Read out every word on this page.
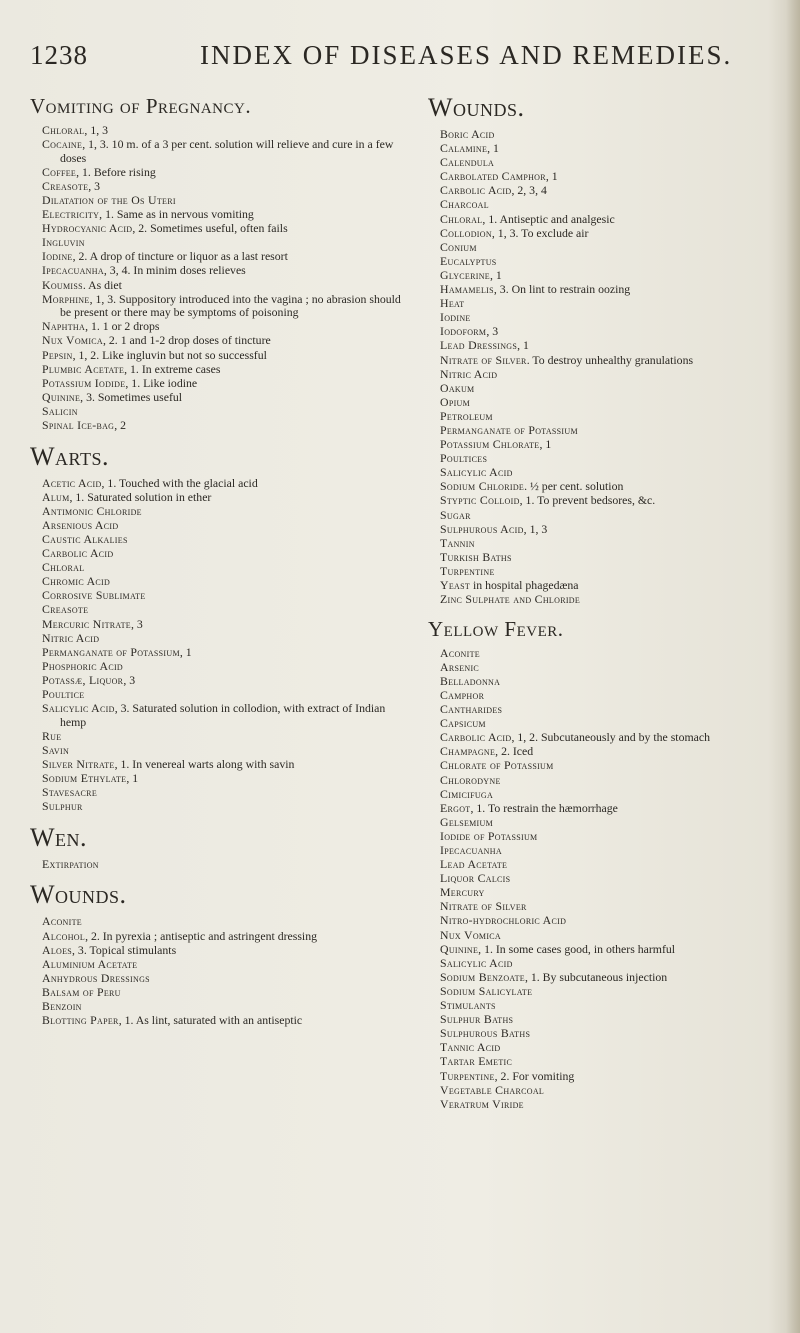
1238	INDEX OF DISEASES AND REMEDIES.
Vomiting of Pregnancy.
Chloral, 1, 3
Cocaine, 1, 3. 10 m. of a 3 per cent. solution will relieve and cure in a few doses
Coffee, 1. Before rising
Creasote, 3
Dilatation of the Os Uteri
Electricity, 1. Same as in nervous vomiting
Hydrocyanic Acid, 2. Sometimes useful, often fails
Ingluvin
Iodine, 2. A drop of tincture or liquor as a last resort
Ipecacuanha, 3, 4. In minim doses relieves
Koumiss. As diet
Morphine, 1, 3. Suppository introduced into the vagina ; no abrasion should be present or there may be symptoms of poisoning
Naphtha, 1. 1 or 2 drops
Nux Vomica, 2. 1 and 1-2 drop doses of tincture
Pepsin, 1, 2. Like ingluvin but not so successful
Plumbic Acetate, 1. In extreme cases
Potassium Iodide, 1. Like iodine
Quinine, 3. Sometimes useful
Salicin
Spinal Ice-bag, 2
Warts.
Acetic Acid, 1. Touched with the glacial acid
Alum, 1. Saturated solution in ether
Antimonic Chloride
Arsenious Acid
Caustic Alkalies
Carbolic Acid
Chloral
Chromic Acid
Corrosive Sublimate
Creasote
Mercuric Nitrate, 3
Nitric Acid
Permanganate of Potassium, 1
Phosphoric Acid
Potassæ, Liquor, 3
Poultice
Salicylic Acid, 3. Saturated solution in collodion, with extract of Indian hemp
Rue
Savin
Silver Nitrate, 1. In venereal warts along with savin
Sodium Ethylate, 1
Stavesacre
Sulphur
Wen.
Extirpation
Wounds.
Aconite
Alcohol, 2. In pyrexia ; antiseptic and astringent dressing
Aloes, 3. Topical stimulants
Aluminium Acetate
Anhydrous Dressings
Balsam of Peru
Benzoin
Blotting Paper, 1. As lint, saturated with an antiseptic
Wounds.
Boric Acid
Calamine, 1
Calendula
Carbolated Camphor, 1
Carbolic Acid, 2, 3, 4
Charcoal
Chloral, 1. Antiseptic and analgesic
Collodion, 1, 3. To exclude air
Conium
Eucalyptus
Glycerine, 1
Hamamelis, 3. On lint to restrain oozing
Heat
Iodine
Iodoform, 3
Lead Dressings, 1
Nitrate of Silver. To destroy unhealthy granulations
Nitric Acid
Oakum
Opium
Petroleum
Permanganate of Potassium
Potassium Chlorate, 1
Poultices
Salicylic Acid
Sodium Chloride. ½ per cent. solution
Styptic Colloid, 1. To prevent bedsores, &c.
Sugar
Sulphurous Acid, 1, 3
Tannin
Turkish Baths
Turpentine
Yeast in hospital phagedæna
Zinc Sulphate and Chloride
Yellow Fever.
Aconite
Arsenic
Belladonna
Camphor
Cantharides
Capsicum
Carbolic Acid, 1, 2. Subcutaneously and by the stomach
Champagne, 2. Iced
Chlorate of Potassium
Chlorodyne
Cimicifuga
Ergot, 1. To restrain the hæmorrhage
Gelsemium
Iodide of Potassium
Ipecacuanha
Lead Acetate
Liquor Calcis
Mercury
Nitrate of Silver
Nitro-hydrochloric Acid
Nux Vomica
Quinine, 1. In some cases good, in others harmful
Salicylic Acid
Sodium Benzoate, 1. By subcutaneous injection
Sodium Salicylate
Stimulants
Sulphur Baths
Sulphurous Baths
Tannic Acid
Tartar Emetic
Turpentine, 2. For vomiting
Vegetable Charcoal
Veratrum Viride
